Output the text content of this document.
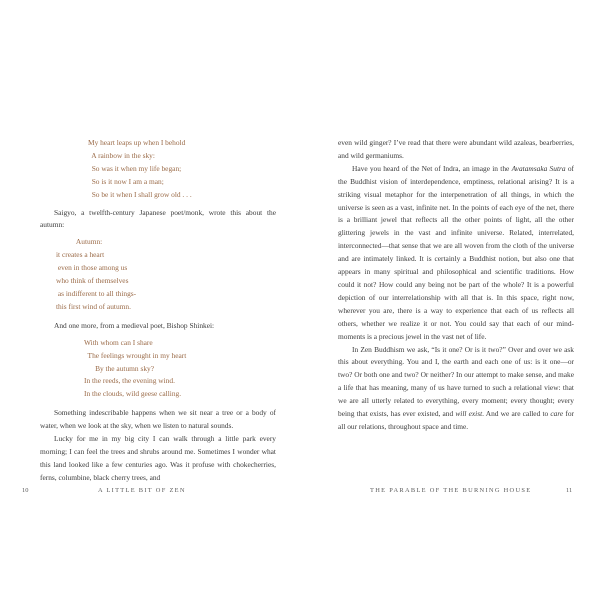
My heart leaps up when I behold
A rainbow in the sky:
So was it when my life began;
So is it now I am a man;
So be it when I shall grow old . . .

Saigyo, a twelfth-century Japanese poet/monk, wrote this about the autumn:

Autumn:
it creates a heart
even in those among us
who think of themselves
as indifferent to all things-
this first wind of autumn.

And one more, from a medieval poet, Bishop Shinkei:

With whom can I share
The feelings wrought in my heart
By the autumn sky?
In the reeds, the evening wind.
In the clouds, wild geese calling.

Something indescribable happens when we sit near a tree or a body of water, when we look at the sky, when we listen to natural sounds.

Lucky for me in my big city I can walk through a little park every morning; I can feel the trees and shrubs around me. Sometimes I wonder what this land looked like a few centuries ago. Was it profuse with chokecherries, ferns, columbine, black cherry trees, and

10	A LITTLE BIT OF ZEN

even wild ginger? I’ve read that there were abundant wild azaleas, bearberries, and wild germaniums.

Have you heard of the Net of Indra, an image in the Avatamsaka Sutra of the Buddhist vision of interdependence, emptiness, relational arising? It is a striking visual metaphor for the interpenetration of all things, in which the universe is seen as a vast, infinite net. In the points of each eye of the net, there is a brilliant jewel that reflects all the other points of light, all the other glittering jewels in the vast and infinite universe. Related, interrelated, interconnected—that sense that we are all woven from the cloth of the universe and are intimately linked. It is certainly a Buddhist notion, but also one that appears in many spiritual and philosophical and scientific traditions. How could it not? How could any being not be part of the whole? It is a powerful depiction of our interrelationship with all that is. In this space, right now, wherever you are, there is a way to experience that each of us reflects all others, whether we realize it or not. You could say that each of our mind-moments is a precious jewel in the vast net of life.

In Zen Buddhism we ask, “Is it one? Or is it two?” Over and over we ask this about everything. You and I, the earth and each one of us: is it one—or two? Or both one and two? Or neither? In our attempt to make sense, and make a life that has meaning, many of us have turned to such a relational view: that we are all utterly related to everything, every moment; every thought; every being that exists, has ever existed, and will exist. And we are called to care for all our relations, throughout space and time.

THE PARABLE OF THE BURNING HOUSE	11
